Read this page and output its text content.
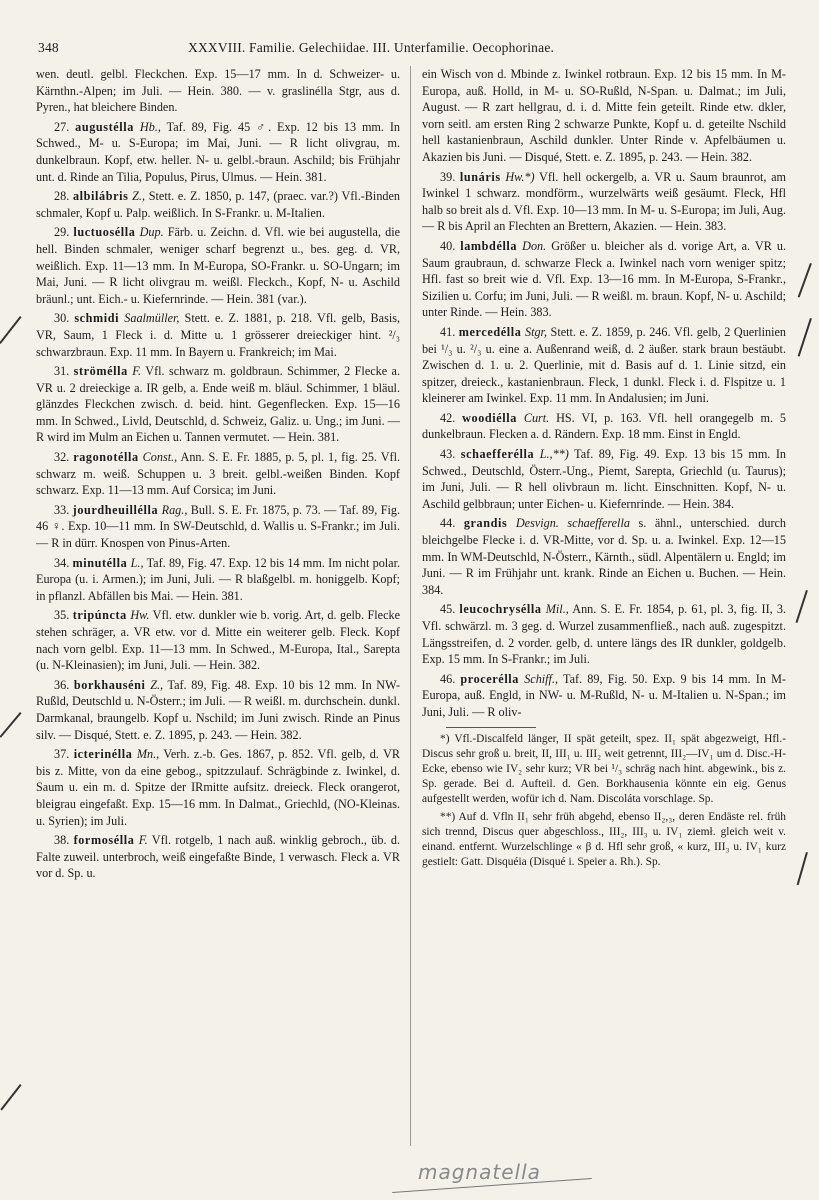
348	XXXVIII. Familie. Gelechiidae. III. Unterfamilie. Oecophorinae.

wen. deutl. gelbl. Fleckchen. Exp. 15—17 mm. In d. Schweizer- u. Kärnthn.-Alpen; im Juli. — Hein. 380. — v. graslinélla Stgr, aus d. Pyren., hat bleichere Binden.

27. augustélla Hb., Taf. 89, Fig. 45 ♂. Exp. 12 bis 13 mm. In Schwed., M- u. S-Europa; im Mai, Juni. — R licht olivgrau, m. dunkelbraun. Kopf, etw. heller. N- u. gelbl.-braun. Aschild; bis Frühjahr unt. d. Rinde an Tilia, Populus, Pirus, Ulmus. — Hein. 381.

28. albilábris Z., Stett. e. Z. 1850, p. 147, (praec. var.?) Vfl.-Binden schmaler, Kopf u. Palp. weißlich. In S-Frankr. u. M-Italien.

29. luctuosélla Dup. Färb. u. Zeichn. d. Vfl. wie bei augustella, die hell. Binden schmaler, weniger scharf begrenzt u., bes. geg. d. VR, weißlich. Exp. 11—13 mm. In M-Europa, SO-Frankr. u. SO-Ungarn; im Mai, Juni. — R licht olivgrau m. weißl. Fleckch., Kopf, N- u. Aschild bräunl.; unt. Eich.- u. Kiefernrinde. — Hein. 381 (var.).

30. schmidi Saalmüller, Stett. e. Z. 1881, p. 218. Vfl. gelb, Basis, VR, Saum, 1 Fleck i. d. Mitte u. 1 grösserer dreieckiger hint. ²/₃ schwarzbraun. Exp. 11 mm. In Bayern u. Frankreich; im Mai.

31. strömélla F. Vfl. schwarz m. goldbraun. Schimmer, 2 Flecke a. VR u. 2 dreieckige a. IR gelb, a. Ende weiß m. bläul. Schimmer, 1 bläul. glänzdes Fleckchen zwisch. d. beid. hint. Gegenflecken. Exp. 15—16 mm. In Schwed., Livld, Deutschld, d. Schweiz, Galiz. u. Ung.; im Juni. — R wird im Mulm an Eichen u. Tannen vermutet. — Hein. 381.

32. ragonotélla Const., Ann. S. E. Fr. 1885, p. 5, pl. 1, fig. 25. Vfl. schwarz m. weiß. Schuppen u. 3 breit. gelbl.-weißen Binden. Kopf schwarz. Exp. 11—13 mm. Auf Corsica; im Juni.

33. jourdheuillélla Rag., Bull. S. E. Fr. 1875, p. 73. — Taf. 89, Fig. 46 ♀. Exp. 10—11 mm. In SW-Deutschld, d. Wallis u. S-Frankr.; im Juli. — R in dürr. Knospen von Pinus-Arten.

34. minutélla L., Taf. 89, Fig. 47. Exp. 12 bis 14 mm. Im nicht polar. Europa (u. i. Armen.); im Juni, Juli. — R blaßgelbl. m. honiggelb. Kopf; in pflanzl. Abfällen bis Mai. — Hein. 381.

35. tripúncta Hw. Vfl. etw. dunkler wie b. vorig. Art, d. gelb. Flecke stehen schräger, a. VR etw. vor d. Mitte ein weiterer gelb. Fleck. Kopf nach vorn gelbl. Exp. 11—13 mm. In Schwed., M-Europa, Ital., Sarepta (u. N-Kleinasien); im Juni, Juli. — Hein. 382.

36. borkhauséni Z., Taf. 89, Fig. 48. Exp. 10 bis 12 mm. In NW-Rußld, Deutschld u. N-Österr.; im Juli. — R weißl. m. durchschein. dunkl. Darmkanal, braungelb. Kopf u. Nschild; im Juni zwisch. Rinde an Pinus silv. — Disqué, Stett. e. Z. 1895, p. 243. — Hein. 382.

37. icterinélla Mn., Verh. z.-b. Ges. 1867, p. 852. Vfl. gelb, d. VR bis z. Mitte, von da eine gebog., spitzzulauf. Schrägbinde z. Iwinkel, d. Saum u. ein m. d. Spitze der IRmitte aufsitz. dreieck. Fleck orangerot, bleigrau eingefaßt. Exp. 15—16 mm. In Dalmat., Griechld, (NO-Kleinas. u. Syrien); im Juli.

38. formosélla F. Vfl. rotgelb, 1 nach auß. winklig gebroch., üb. d. Falte zuweil. unterbroch, weiß eingefaßte Binde, 1 verwasch. Fleck a. VR vor d. Sp. u.

ein Wisch von d. Mbinde z. Iwinkel rotbraun. Exp. 12 bis 15 mm. In M-Europa, auß. Holld, in M- u. SO-Rußld, N-Span. u. Dalmat.; im Juli, August. — R zart hellgrau, d. i. d. Mitte fein geteilt. Rinde etw. dkler, vorn seitl. am ersten Ring 2 schwarze Punkte, Kopf u. d. geteilte Nschild hell kastanienbraun, Aschild dunkler. Unter Rinde v. Apfelbäumen u. Akazien bis Juni. — Disqué, Stett. e. Z. 1895, p. 243. — Hein. 382.

39. lunáris Hw.*) Vfl. hell ockergelb, a. VR u. Saum braunrot, am Iwinkel 1 schwarz. mondförm., wurzelwärts weiß gesäumt. Fleck, Hfl halb so breit als d. Vfl. Exp. 10—13 mm. In M- u. S-Europa; im Juli, Aug. — R bis April an Flechten an Brettern, Akazien. — Hein. 383.

40. lambdélla Don. Größer u. bleicher als d. vorige Art, a. VR u. Saum graubraun, d. schwarze Fleck a. Iwinkel nach vorn weniger spitz; Hfl. fast so breit wie d. Vfl. Exp. 13—16 mm. In M-Europa, S-Frankr., Sizilien u. Corfu; im Juni, Juli. — R weißl. m. braun. Kopf, N- u. Aschild; unter Rinde. — Hein. 383.

41. mercedélla Stgr, Stett. e. Z. 1859, p. 246. Vfl. gelb, 2 Querlinien bei ¹/₃ u. ²/₃ u. eine a. Außenrand weiß, d. 2 äußer. stark braun bestäubt. Zwischen d. 1. u. 2. Querlinie, mit d. Basis auf d. 1. Linie sitzd, ein spitzer, dreieck., kastanienbraun. Fleck, 1 dunkl. Fleck i. d. Flspitze u. 1 kleinerer am Iwinkel. Exp. 11 mm. In Andalusien; im Juni.

42. woodiélla Curt. HS. VI, p. 163. Vfl. hell orangegelb m. 5 dunkelbraun. Flecken a. d. Rändern. Exp. 18 mm. Einst in Engld.

43. schaefferélla L.,**) Taf. 89, Fig. 49. Exp. 13 bis 15 mm. In Schwed., Deutschld, Österr.-Ung., Piemt, Sarepta, Griechld (u. Taurus); im Juni, Juli. — R hell olivbraun m. licht. Einschnitten. Kopf, N- u. Aschild gelbbraun; unter Eichen- u. Kiefernrinde. — Hein. 384.

44. grandis Desvign. schaefferella s. ähnl., unterschied. durch bleichgelbe Flecke i. d. VR-Mitte, vor d. Sp. u. a. Iwinkel. Exp. 12—15 mm. In WM-Deutschld, N-Österr., Kärnth., südl. Alpentälern u. Engld; im Juni. — R im Frühjahr unt. krank. Rinde an Eichen u. Buchen. — Hein. 384.

45. leucochrysélla Mil., Ann. S. E. Fr. 1854, p. 61, pl. 3, fig. II, 3. Vfl. schwärzl. m. 3 geg. d. Wurzel zusammenfließ., nach auß. zugespitzt. Längsstreifen, d. 2 vorder. gelb, d. untere längs des IR dunkler, goldgelb. Exp. 15 mm. In S-Frankr.; im Juli.

46. procerélla Schiff., Taf. 89, Fig. 50. Exp. 9 bis 14 mm. In M-Europa, auß. Engld, in NW- u. M-Rußld, N- u. M-Italien u. N-Span.; im Juni, Juli. — R oliv-

*) Vfl.-Discalfeld länger, II spät geteilt, spez. II₁ spät abgezweigt, Hfl.-Discus sehr groß u. breit, II, III₁ u. III₂ weit getrennt, III₂—IV₁ um d. Disc.-H-Ecke, ebenso wie IV₂ sehr kurz; VR bei ¹/₃ schräg nach hint. abgewink., bis z. Sp. gerade. Bei d. Aufteil. d. Gen. Borkhausenia könnte ein eig. Genus aufgestellt werden, wofür ich d. Nam. Discoláta vorschlage. Sp.

**) Auf d. Vfln II₁ sehr früh abgehd, ebenso II₂,₃, deren Endäste rel. früh sich trennd, Discus quer abgeschloss., III₂, III₃ u. IV₁ ziemł. gleich weit v. einand. entfernt. Wurzelschlinge « β d. Hfl sehr groß, « kurz, III₃ u. IV₁ kurz gestielt: Gatt. Disquéia (Disqué i. Speier a. Rh.). Sp.

magnatella
